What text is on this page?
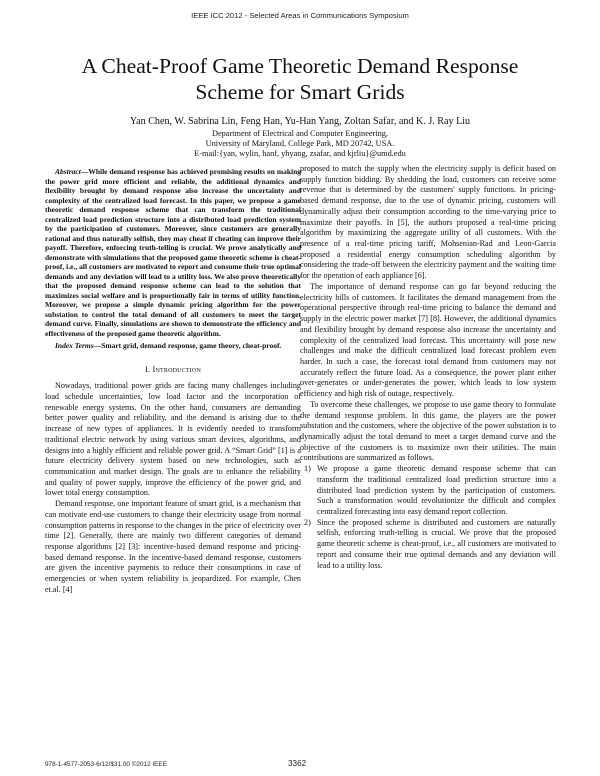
IEEE ICC 2012 - Selected Areas in Communications Symposium
A Cheat-Proof Game Theoretic Demand Response
Scheme for Smart Grids
Yan Chen, W. Sabrina Lin, Feng Han, Yu-Han Yang, Zoltan Safar, and K. J. Ray Liu
Department of Electrical and Computer Engineering,
University of Maryland, College Park, MD 20742, USA.
E-mail:{yan, wylin, hanf, yhyang, zsafar, and kjrliu}@umd.edu

Abstract—While demand response has achieved promising results on making the power grid more efficient and reliable, the additional dynamics and flexibility brought by demand response also increase the uncertainty and complexity of the centralized load forecast. In this paper, we propose a game theoretic demand response scheme that can transform the traditional centralized load prediction structure into a distributed load prediction system by the participation of customers. Moreover, since customers are generally rational and thus naturally selfish, they may cheat if cheating can improve their payoff. Therefore, enforcing truth-telling is crucial. We prove analytically and demonstrate with simulations that the proposed game theoretic scheme is cheat-proof, i.e., all customers are motivated to report and consume their true optimal demands and any deviation will lead to a utility loss. We also prove theoretically that the proposed demand response scheme can lead to the solution that maximizes social welfare and is proportionally fair in terms of utility function. Moreover, we propose a simple dynamic pricing algorithm for the power substation to control the total demand of all customers to meet the target demand curve. Finally, simulations are shown to demonstrate the efficiency and effectiveness of the proposed game theoretic algorithm.

Index Terms—Smart grid, demand response, game theory, cheat-proof.

I. Introduction

Nowadays, traditional power grids are facing many challenges including load schedule uncertainties, low load factor and the incorporation of renewable energy systems. On the other hand, consumers are demanding better power quality and reliability, and the demand is arising due to the increase of new types of appliances. It is evidently needed to transform traditional electric network by using various smart devices, algorithms, and designs into a highly efficient and reliable power grid. A “Smart Grid” [1] is a future electricity delivery system based on new technologies, such as communication and market design. The goals are to enhance the reliability and quality of power supply, improve the efficiency of the power grid, and lower total energy consumption.

Demand response, one important feature of smart grid, is a mechanism that can motivate end-use customers to change their electricity usage from normal consumption patterns in response to the changes in the price of electricity over time [2]. Generally, there are mainly two different categories of demand response algorithms [2] [3]: incentive-based demand response and pricing-based demand response. In the incentive-based demand response, customers are given the incentive payments to reduce their consumptions in case of emergencies or when system reliability is jeopardized. For example, Chen et.al. [4]

proposed to match the supply when the electricity supply is deficit based on supply function bidding. By shedding the load, customers can receive some revenue that is determined by the customers' supply functions. In pricing-based demand response, due to the use of dynamic pricing, customers will dynamically adjust their consumption according to the time-varying price to maximize their payoffs. In [5], the authors proposed a real-time pricing algorithm by maximizing the aggregate utility of all customers. With the presence of a real-time pricing tariff, Mohsenian-Rad and Leon-Garcia proposed a residential energy consumption scheduling algorithm by considering the trade-off between the electricity payment and the waiting time for the operation of each appliance [6].

The importance of demand response can go far beyond reducing the electricity bills of customers. It facilitates the demand management from the operational perspective through real-time pricing to balance the demand and supply in the electric power market [7] [8]. However, the additional dynamics and flexibility brought by demand response also increase the uncertainty and complexity of the centralized load forecast. This uncertainty will pose new challenges and make the difficult centralized load forecast problem even harder. In such a case, the forecast total demand from customers may not accurately reflect the future load. As a consequence, the power plant either over-generates or under-generates the power, which leads to low system efficiency and high risk of outage, respectively.

To overcome these challenges, we propose to use game theory to formulate the demand response problem. In this game, the players are the power substation and the customers, where the objective of the power substation is to dynamically adjust the total demand to meet a target demand curve and the objective of the customers is to maximize own their utilities. The main contributions are summarized as follows.

1) We propose a game theoretic demand response scheme that can transform the traditional centralized load prediction structure into a distributed load prediction system by the participation of customers. Such a transformation would revolutionize the difficult and complex centralized forecasting into easy demand report collection.
2) Since the proposed scheme is distributed and customers are naturally selfish, enforcing truth-telling is crucial. We prove that the proposed game theoretic scheme is cheat-proof, i.e., all customers are motivated to report and consume their true optimal demands and any deviation will lead to a utility loss.
978-1-4577-2053-6/12/$31.00 ©2012 IEEE	3362
